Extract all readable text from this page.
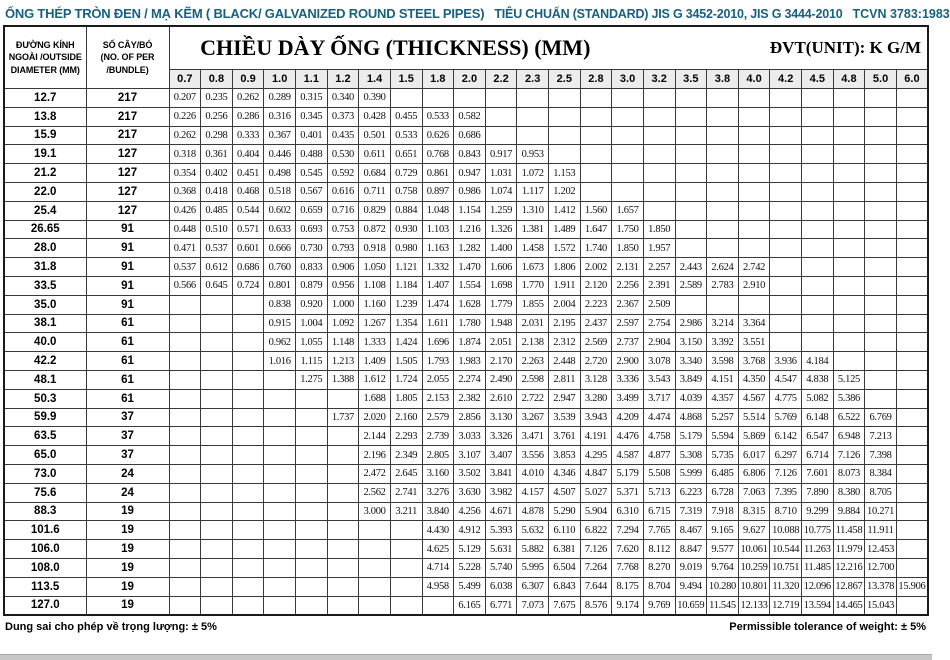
ỐNG THÉP TRÒN ĐEN / MẠ KẼM ( BLACK/ GALVANIZED ROUND STEEL PIPES) TIÊU CHUẨN (STANDARD) JIS G 3452-2010, JIS G 3444-2010 TCVN 3783:1983
ĐƯỜNG KÍNH
NGOÀI /OUTSIDE
DIAMETER (MM)	SỐ CÂY/BÓ
(NO. OF PER
/BUNDLE)	CHIỀU DÀY ỐNG (THICKNESS) (MM) ĐVT(UNIT): K G/M																							

		0.7	0.8	0.9	1.0	1.1	1.2	1.4	1.5	1.8	2.0	2.2	2.3	2.5	2.8	3.0	3.2	3.5	3.8	4.0	4.2	4.5	4.8	5.0	6.0
12.7	217	0.207	0.235	0.262	0.289	0.315	0.340	0.390																	
13.8	217	0.226	0.256	0.286	0.316	0.345	0.373	0.428	0.455	0.533	0.582														
15.9	217	0.262	0.298	0.333	0.367	0.401	0.435	0.501	0.533	0.626	0.686														
19.1	127	0.318	0.361	0.404	0.446	0.488	0.530	0.611	0.651	0.768	0.843	0.917	0.953												
21.2	127	0.354	0.402	0.451	0.498	0.545	0.592	0.684	0.729	0.861	0.947	1.031	1.072	1.153											
22.0	127	0.368	0.418	0.468	0.518	0.567	0.616	0.711	0.758	0.897	0.986	1.074	1.117	1.202											
25.4	127	0.426	0.485	0.544	0.602	0.659	0.716	0.829	0.884	1.048	1.154	1.259	1.310	1.412	1.560	1.657									
26.65	91	0.448	0.510	0.571	0.633	0.693	0.753	0.872	0.930	1.103	1.216	1.326	1.381	1.489	1.647	1.750	1.850								
28.0	91	0.471	0.537	0.601	0.666	0.730	0.793	0.918	0.980	1.163	1.282	1.400	1.458	1.572	1.740	1.850	1.957								
31.8	91	0.537	0.612	0.686	0.760	0.833	0.906	1.050	1.121	1.332	1.470	1.606	1.673	1.806	2.002	2.131	2.257	2.443	2.624	2.742					
33.5	91	0.566	0.645	0.724	0.801	0.879	0.956	1.108	1.184	1.407	1.554	1.698	1.770	1.911	2.120	2.256	2.391	2.589	2.783	2.910					
35.0	91				0.838	0.920	1.000	1.160	1.239	1.474	1.628	1.779	1.855	2.004	2.223	2.367	2.509								
38.1	61				0.915	1.004	1.092	1.267	1.354	1.611	1.780	1.948	2.031	2.195	2.437	2.597	2.754	2.986	3.214	3.364					
40.0	61				0.962	1.055	1.148	1.333	1.424	1.696	1.874	2.051	2.138	2.312	2.569	2.737	2.904	3.150	3.392	3.551					
42.2	61				1.016	1.115	1.213	1.409	1.505	1.793	1.983	2.170	2.263	2.448	2.720	2.900	3.078	3.340	3.598	3.768	3.936	4.184			
48.1	61					1.275	1.388	1.612	1.724	2.055	2.274	2.490	2.598	2.811	3.128	3.336	3.543	3.849	4.151	4.350	4.547	4.838	5.125		
50.3	61							1.688	1.805	2.153	2.382	2.610	2.722	2.947	3.280	3.499	3.717	4.039	4.357	4.567	4.775	5.082	5.386		
59.9	37						1.737	2.020	2.160	2.579	2.856	3.130	3.267	3.539	3.943	4.209	4.474	4.868	5.257	5.514	5.769	6.148	6.522	6.769	
63.5	37							2.144	2.293	2.739	3.033	3.326	3.471	3.761	4.191	4.476	4.758	5.179	5.594	5.869	6.142	6.547	6.948	7.213	
65.0	37							2.196	2.349	2.805	3.107	3.407	3.556	3.853	4.295	4.587	4.877	5.308	5.735	6.017	6.297	6.714	7.126	7.398	
73.0	24							2.472	2.645	3.160	3.502	3.841	4.010	4.346	4.847	5.179	5.508	5.999	6.485	6.806	7.126	7.601	8.073	8.384	
75.6	24							2.562	2.741	3.276	3.630	3.982	4.157	4.507	5.027	5.371	5.713	6.223	6.728	7.063	7.395	7.890	8.380	8.705	
88.3	19							3.000	3.211	3.840	4.256	4.671	4.878	5.290	5.904	6.310	6.715	7.319	7.918	8.315	8.710	9.299	9.884	10.271	
101.6	19									4.430	4.912	5.393	5.632	6.110	6.822	7.294	7.765	8.467	9.165	9.627	10.088	10.775	11.458	11.911	
106.0	19									4.625	5.129	5.631	5.882	6.381	7.126	7.620	8.112	8.847	9.577	10.061	10.544	11.263	11.979	12.453	
108.0	19									4.714	5.228	5.740	5.995	6.504	7.264	7.768	8.270	9.019	9.764	10.259	10.751	11.485	12.216	12.700	
113.5	19									4.958	5.499	6.038	6.307	6.843	7.644	8.175	8.704	9.494	10.280	10.801	11.320	12.096	12.867	13.378	15.906
127.0	19										6.165	6.771	7.073	7.675	8.576	9.174	9.769	10.659	11.545	12.133	12.719	13.594	14.465	15.043	
Dung sai cho phép về trọng lượng: ± 5%	Permissible tolerance of weight: ± 5%
